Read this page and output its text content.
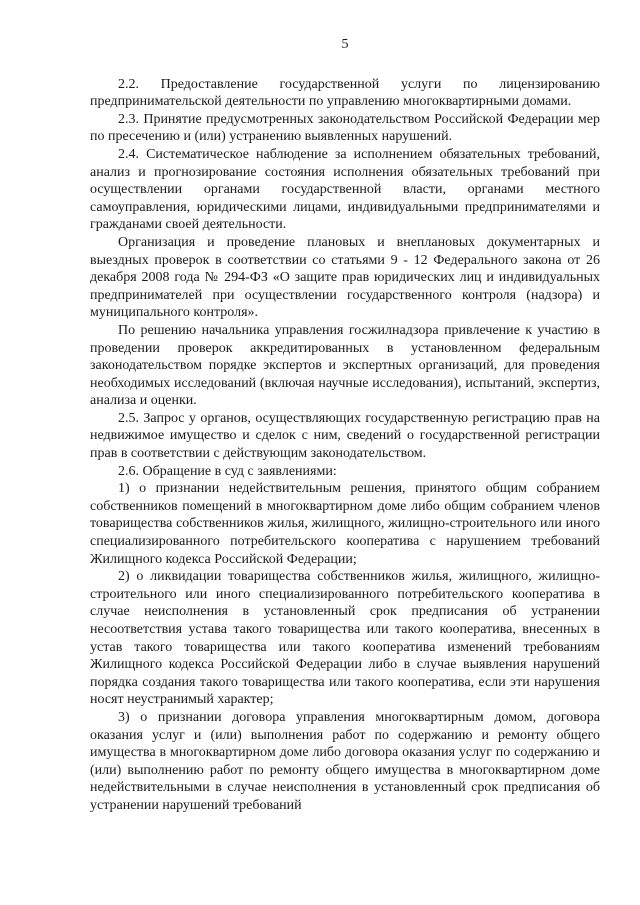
5

2.2. Предоставление государственной услуги по лицензированию предпринимательской деятельности по управлению многоквартирными домами.

2.3. Принятие предусмотренных законодательством Российской Федерации мер по пресечению и (или) устранению выявленных нарушений.

2.4. Систематическое наблюдение за исполнением обязательных требований, анализ и прогнозирование состояния исполнения обязательных требований при осуществлении органами государственной власти, органами местного самоуправления, юридическими лицами, индивидуальными предпринимателями и гражданами своей деятельности.

Организация и проведение плановых и внеплановых документарных и выездных проверок в соответствии со статьями 9 - 12 Федерального закона от 26 декабря 2008 года № 294-ФЗ «О защите прав юридических лиц и индивидуальных предпринимателей при осуществлении государственного контроля (надзора) и муниципального контроля».

По решению начальника управления госжилнадзора привлечение к участию в проведении проверок аккредитированных в установленном федеральным законодательством порядке экспертов и экспертных организаций, для проведения необходимых исследований (включая научные исследования), испытаний, экспертиз, анализа и оценки.

2.5. Запрос у органов, осуществляющих государственную регистрацию прав на недвижимое имущество и сделок с ним, сведений о государственной регистрации прав в соответствии с действующим законодательством.

2.6. Обращение в суд с заявлениями:

1) о признании недействительным решения, принятого общим собранием собственников помещений в многоквартирном доме либо общим собранием членов товарищества собственников жилья, жилищного, жилищно-строительного или иного специализированного потребительского кооператива с нарушением требований Жилищного кодекса Российской Федерации;

2) о ликвидации товарищества собственников жилья, жилищного, жилищно-строительного или иного специализированного потребительского кооператива в случае неисполнения в установленный срок предписания об устранении несоответствия устава такого товарищества или такого кооператива, внесенных в устав такого товарищества или такого кооператива изменений требованиям Жилищного кодекса Российской Федерации либо в случае выявления нарушений порядка создания такого товарищества или такого кооператива, если эти нарушения носят неустранимый характер;

3) о признании договора управления многоквартирным домом, договора оказания услуг и (или) выполнения работ по содержанию и ремонту общего имущества в многоквартирном доме либо договора оказания услуг по содержанию и (или) выполнению работ по ремонту общего имущества в многоквартирном доме недействительными в случае неисполнения в установленный срок предписания об устранении нарушений требований
